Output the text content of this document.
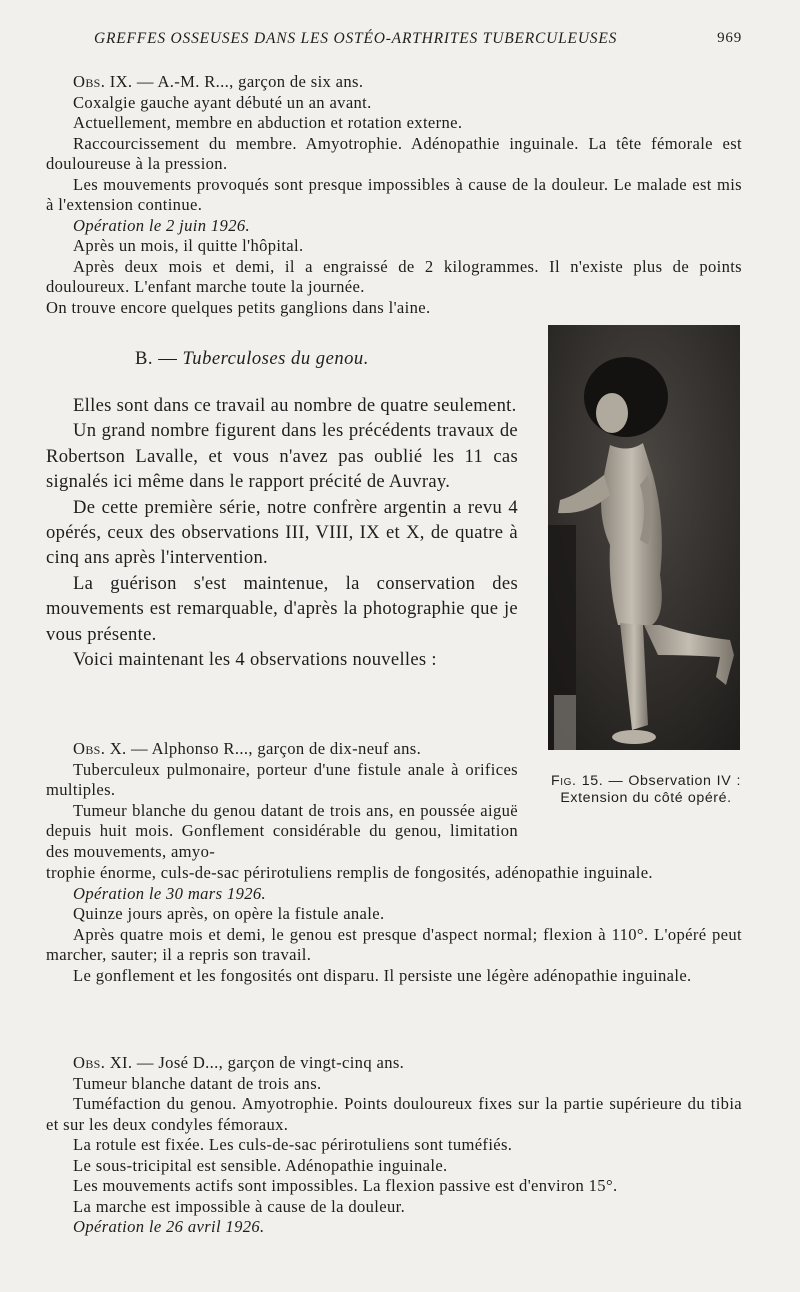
GREFFES OSSEUSES DANS LES OSTÉO-ARTHRITES TUBERCULEUSES	969

Obs. IX. — A.-M. R..., garçon de six ans.

Coxalgie gauche ayant débuté un an avant.

Actuellement, membre en abduction et rotation externe.

Raccourcissement du membre. Amyotrophie. Adénopathie inguinale. La tête fémorale est douloureuse à la pression.

Les mouvements provoqués sont presque impossibles à cause de la douleur. Le malade est mis à l'extension continue.

Opération le 2 juin 1926.

Après un mois, il quitte l'hôpital.

Après deux mois et demi, il a engraissé de 2 kilogrammes. Il n'existe plus de points douloureux. L'enfant marche toute la journée.

On trouve encore quelques petits ganglions dans l'aine.

B. — Tuberculoses du genou.

Elles sont dans ce travail au nombre de quatre seulement.

Un grand nombre figurent dans les précédents travaux de Robertson Lavalle, et vous n'avez pas oublié les 11 cas signalés ici même dans le rapport précité de Auvray.

De cette première série, notre confrère argentin a revu 4 opérés, ceux des observations III, VIII, IX et X, de quatre à cinq ans après l'intervention.

La guérison s'est maintenue, la conservation des mouvements est remarquable, d'après la photographie que je vous présente.

Voici maintenant les 4 observations nouvelles :

Obs. X. — Alphonso R..., garçon de dix-neuf ans.

Tuberculeux pulmonaire, porteur d'une fistule anale à orifices multiples.

Tumeur blanche du genou datant de trois ans, en poussée aiguë depuis huit mois. Gonflement considérable du genou, limitation des mouvements, amyo-

trophie énorme, culs-de-sac périrotuliens remplis de fongosités, adénopathie inguinale.

Opération le 30 mars 1926.

Quinze jours après, on opère la fistule anale.

Après quatre mois et demi, le genou est presque d'aspect normal; flexion à 110°. L'opéré peut marcher, sauter; il a repris son travail.

Le gonflement et les fongosités ont disparu. Il persiste une légère adénopathie inguinale.

Obs. XI. — José D..., garçon de vingt-cinq ans.

Tumeur blanche datant de trois ans.

Tuméfaction du genou. Amyotrophie. Points douloureux fixes sur la partie supérieure du tibia et sur les deux condyles fémoraux.

La rotule est fixée. Les culs-de-sac périrotuliens sont tuméfiés.

Le sous-tricipital est sensible. Adénopathie inguinale.

Les mouvements actifs sont impossibles. La flexion passive est d'environ 15°.

La marche est impossible à cause de la douleur.

Opération le 26 avril 1926.

Fig. 15. — Observation IV : Extension du côté opéré.
